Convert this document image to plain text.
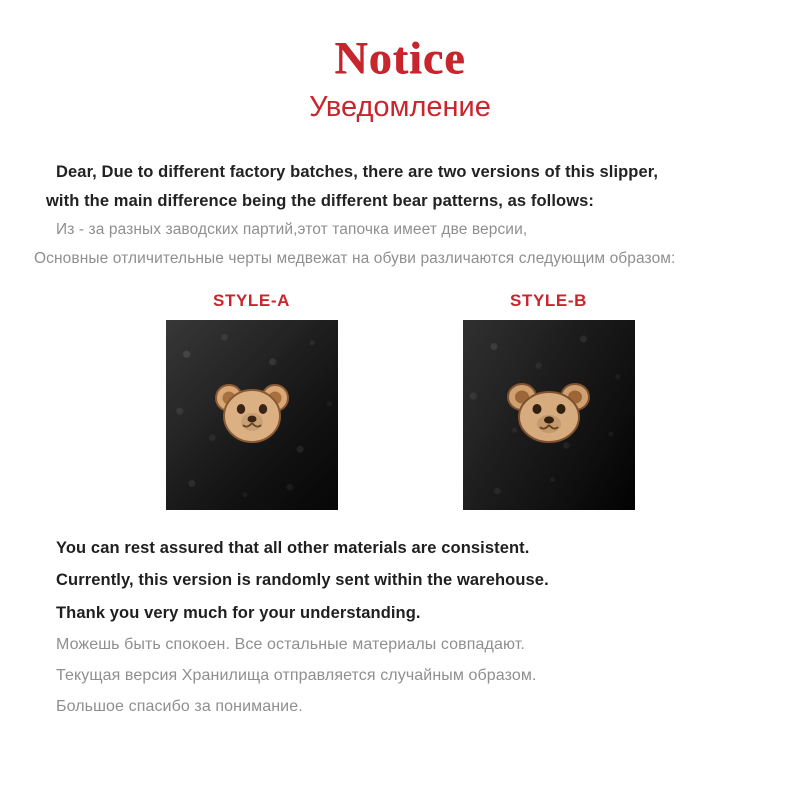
Notice
Уведомление
Dear, Due to different factory batches, there are two versions of this slipper,
with the main difference being the different bear patterns, as follows:
Из - за разных заводских партий,этот тапочка имеет две версии,
Основные отличительные черты медвежат на обуви различаются следующим образом:
STYLE-A	STYLE-B
You can rest assured that all other materials are consistent.
Currently, this version is randomly sent within the warehouse.
Thank you very much for your understanding.
Можешь быть спокоен. Все остальные материалы совпадают.
Текущая версия Хранилища отправляется случайным образом.
Большое спасибо за понимание.
